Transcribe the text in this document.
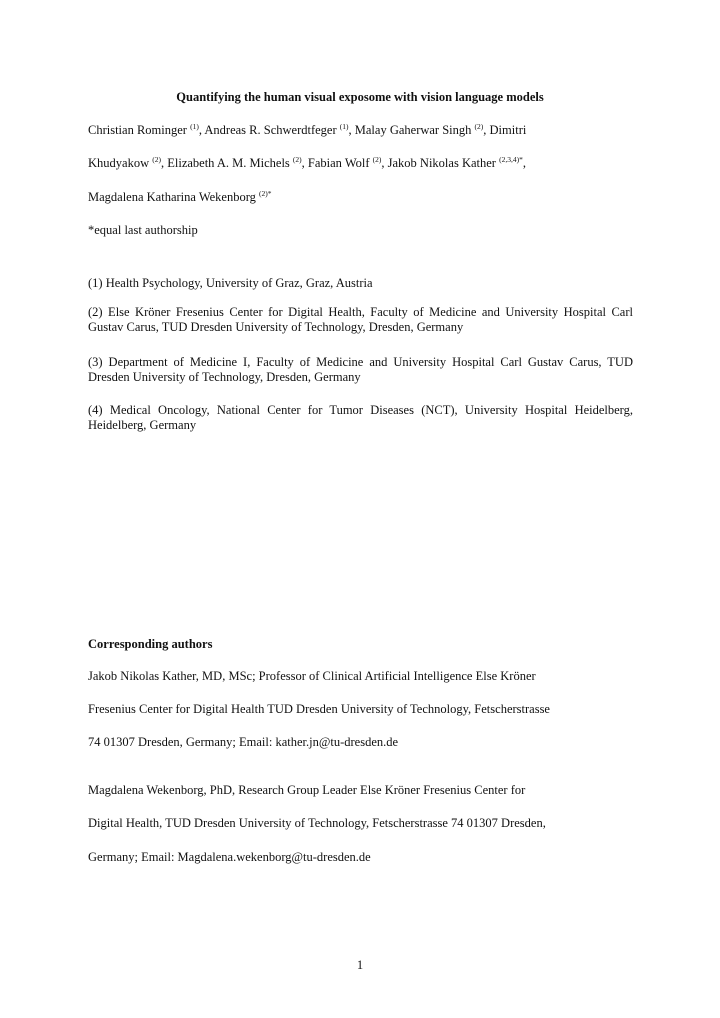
Quantifying the human visual exposome with vision language models
Christian Rominger $^{(1)}$, Andreas R. Schwerdtfeger $^{(1)}$, Malay Gaherwar Singh $^{(2)}$, Dimitri
Khudyakow $^{(2)}$, Elizabeth A. M. Michels $^{(2)}$, Fabian Wolf $^{(2)}$, Jakob Nikolas Kather $^{(2,3,4)*}$,
Magdalena Katharina Wekenborg $^{(2)*}$
*equal last authorship
(1) Health Psychology, University of Graz, Graz, Austria
(2) Else Kröner Fresenius Center for Digital Health, Faculty of Medicine and University Hospital Carl Gustav Carus, TUD Dresden University of Technology, Dresden, Germany
(3) Department of Medicine I, Faculty of Medicine and University Hospital Carl Gustav Carus, TUD Dresden University of Technology, Dresden, Germany
(4) Medical Oncology, National Center for Tumor Diseases (NCT), University Hospital Heidelberg, Heidelberg, Germany
Corresponding authors
Jakob Nikolas Kather, MD, MSc; Professor of Clinical Artificial Intelligence Else Kröner
Fresenius Center for Digital Health TUD Dresden University of Technology, Fetscherstrasse
74 01307 Dresden, Germany; Email: kather.jn@tu-dresden.de
Magdalena Wekenborg, PhD, Research Group Leader Else Kröner Fresenius Center for
Digital Health, TUD Dresden University of Technology, Fetscherstrasse 74 01307 Dresden,
Germany; Email: Magdalena.wekenborg@tu-dresden.de
1
